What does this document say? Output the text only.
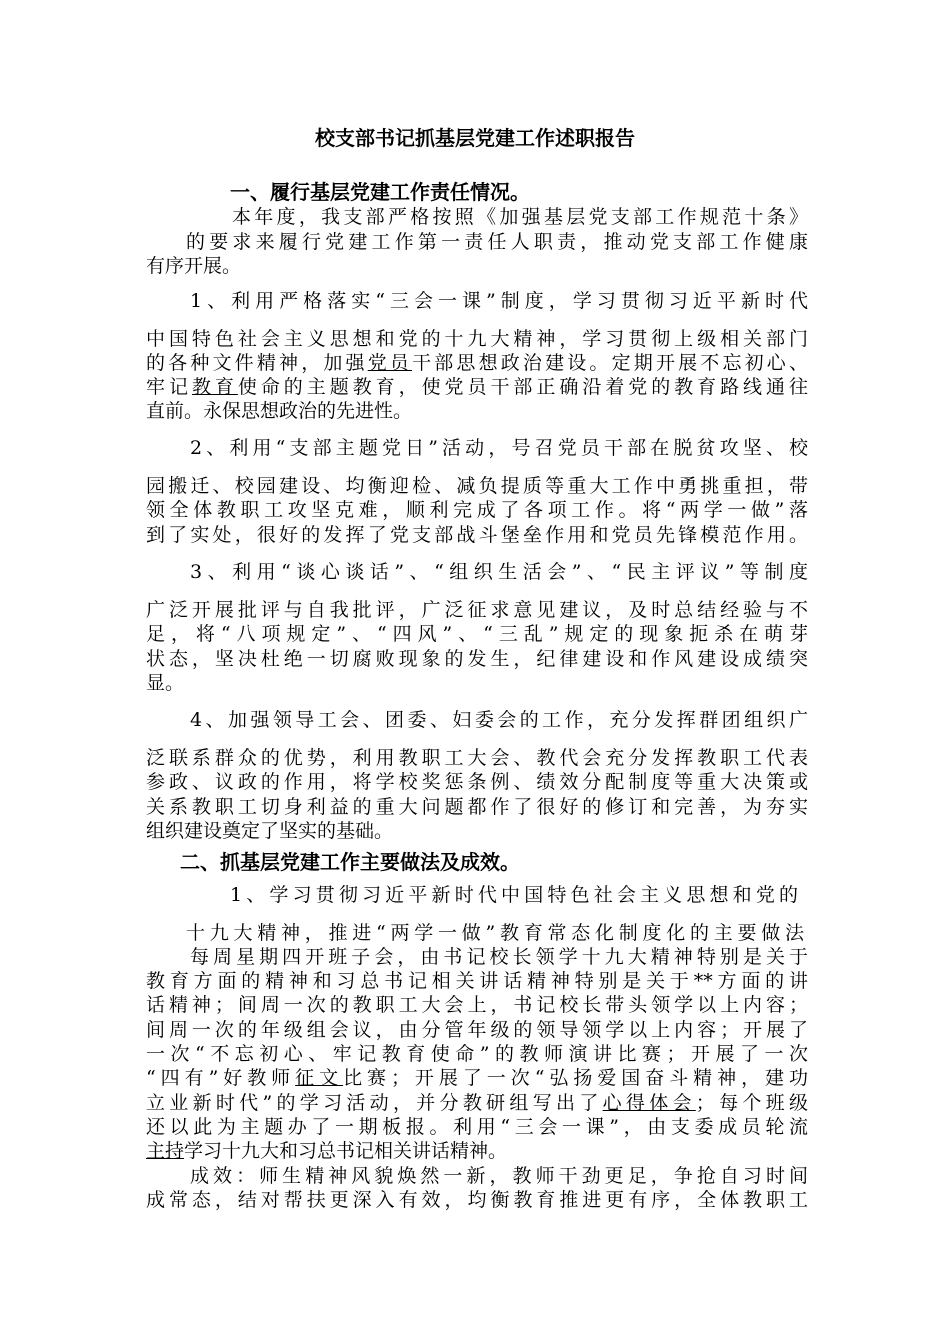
校支部书记抓基层党建工作述职报告
一、履行基层党建工作责任情况。
本年度，我支部严格按照《加强基层党支部工作规范十条》
的要求来履行党建工作第一责任人职责，推动党支部工作健康
有序开展。
1、利用严格落实“三会一课”制度，学习贯彻习近平新时代
中国特色社会主义思想和党的十九大精神，学习贯彻上级相关部门
的各种文件精神，加强党员干部思想政治建设。定期开展不忘初心、
牢记教育使命的主题教育，使党员干部正确沿着党的教育路线通往
直前。永保思想政治的先进性。
2、利用“支部主题党日”活动，号召党员干部在脱贫攻坚、校
园搬迁、校园建设、均衡迎检、减负提质等重大工作中勇挑重担，带
领全体教职工攻坚克难，顺利完成了各项工作。将“两学一做”落
到了实处，很好的发挥了党支部战斗堡垒作用和党员先锋模范作用。
3、利用“谈心谈话”、“组织生活会”、“民主评议”等制度
广泛开展批评与自我批评，广泛征求意见建议，及时总结经验与不
足，将“八项规定”、“四风”、“三乱”规定的现象扼杀在萌芽
状态，坚决杜绝一切腐败现象的发生，纪律建设和作风建设成绩突
显。
4、加强领导工会、团委、妇委会的工作，充分发挥群团组织广
泛联系群众的优势，利用教职工大会、教代会充分发挥教职工代表
参政、议政的作用，将学校奖惩条例、绩效分配制度等重大决策或
关系教职工切身利益的重大问题都作了很好的修订和完善，为夯实
组织建设奠定了坚实的基础。
二、抓基层党建工作主要做法及成效。
1、学习贯彻习近平新时代中国特色社会主义思想和党的
十九大精神，推进“两学一做”教育常态化制度化的主要做法
每周星期四开班子会，由书记校长领学十九大精神特别是关于
教育方面的精神和习总书记相关讲话精神特别是关于**方面的讲
话精神；间周一次的教职工大会上，书记校长带头领学以上内容；
间周一次的年级组会议，由分管年级的领导领学以上内容；开展了
一次“不忘初心、牢记教育使命”的教师演讲比赛；开展了一次
“四有”好教师征文比赛；开展了一次“弘扬爱国奋斗精神，建功
立业新时代”的学习活动，并分教研组写出了心得体会；每个班级
还以此为主题办了一期板报。利用“三会一课”，由支委成员轮流
主持学习十九大和习总书记相关讲话精神。
成效：师生精神风貌焕然一新，教师干劲更足，争抢自习时间
成常态，结对帮扶更深入有效，均衡教育推进更有序，全体教职工
